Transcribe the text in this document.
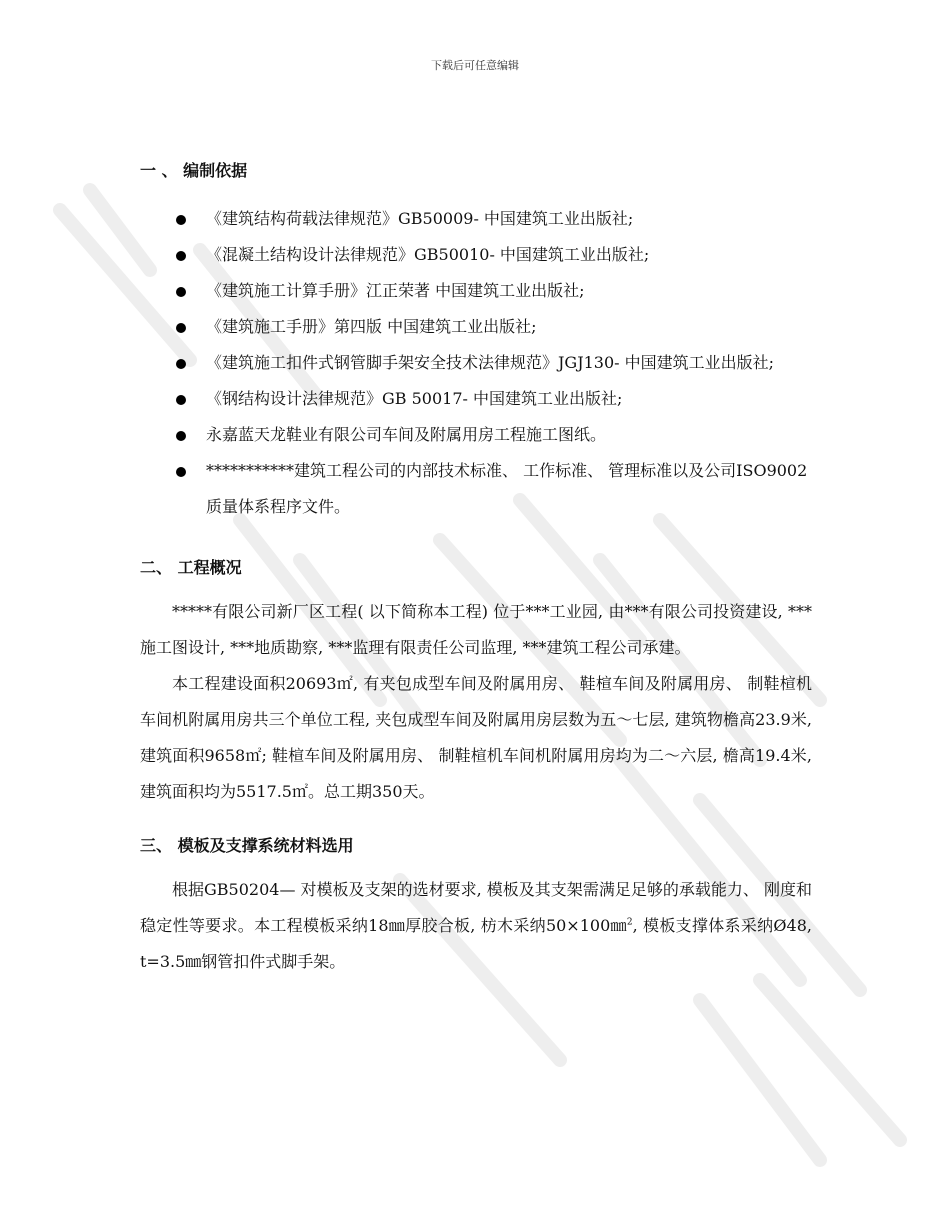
下载后可任意编辑
一 、 编制依据
《建筑结构荷载法律规范》GB50009- 中国建筑工业出版社;
《混凝土结构设计法律规范》GB50010- 中国建筑工业出版社;
《建筑施工计算手册》江正荣著 中国建筑工业出版社;
《建筑施工手册》第四版 中国建筑工业出版社;
《建筑施工扣件式钢管脚手架安全技术法律规范》JGJ130- 中国建筑工业出版社;
《钢结构设计法律规范》GB 50017- 中国建筑工业出版社;
永嘉蓝天龙鞋业有限公司车间及附属用房工程施工图纸。
***********建筑工程公司的内部技术标准、 工作标准、 管理标准以及公司ISO9002质量体系程序文件。
二、 工程概况

*****有限公司新厂区工程( 以下简称本工程) 位于***工业园, 由***有限公司投资建设, ***施工图设计, ***地质勘察, ***监理有限责任公司监理, ***建筑工程公司承建。

本工程建设面积20693㎡, 有夹包成型车间及附属用房、 鞋楦车间及附属用房、 制鞋楦机车间机附属用房共三个单位工程, 夹包成型车间及附属用房层数为五～七层, 建筑物檐高23.9米, 建筑面积9658㎡; 鞋楦车间及附属用房、 制鞋楦机车间机附属用房均为二～六层, 檐高19.4米, 建筑面积均为5517.5㎡。总工期350天。

三、 模板及支撑系统材料选用

根据GB50204— 对模板及支架的选材要求, 模板及其支架需满足足够的承载能力、 刚度和稳定性等要求。本工程模板采纳18㎜厚胶合板, 枋木采纳50×100㎜$^2$, 模板支撑体系采纳Ø48, t=3.5㎜钢管扣件式脚手架。
